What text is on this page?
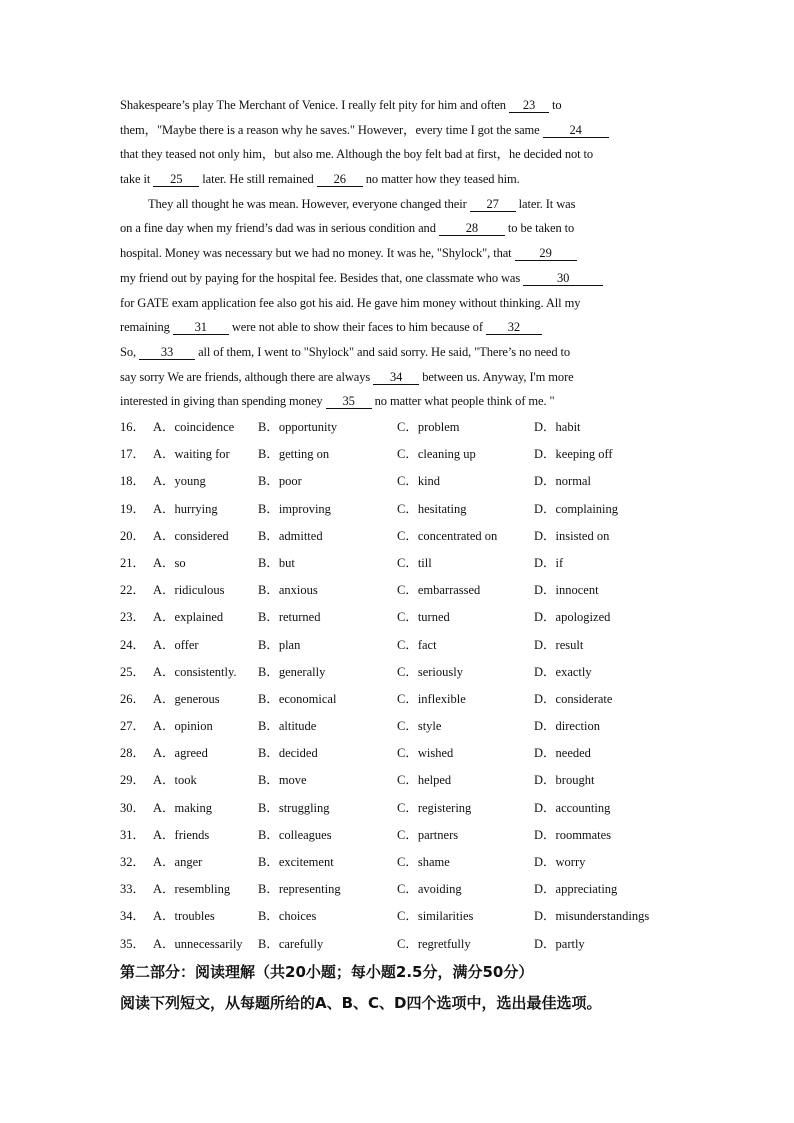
Shakespeare’s play The Merchant of Venice. I really felt pity for him and often 23 to
them，"Maybe there is a reason why he saves." However，every time I got the same 24
that they teased not only him，but also me. Although the boy felt bad at first，he decided not to
take it 25 later. He still remained 26 no matter how they teased him.
They all thought he was mean. However, everyone changed their 27 later. It was
on a fine day when my friend’s dad was in serious condition and 28 to be taken to
hospital. Money was necessary but we had no money. It was he, "Shylock", that 29
my friend out by paying for the hospital fee. Besides that, one classmate who was	30
for GATE exam application fee also got his aid. He gave him money without thinking. All my
remaining 31 were not able to show their faces to him because of 32
So, 33 all of them, I went to "Shylock" and said sorry. He said, "There’s no need to
say sorry We are friends, although there are always 34 between us. Anyway, I'm more
interested in giving than spending money 35 no matter what people think of me. "
16． A．coincidence B．opportunity	C．problem	D．habit
17． A．waiting for B．getting on	C．cleaning up	D．keeping off
18． A．young	B．poor	C．kind	D．normal
19． A．hurrying	B．improving	C．hesitating	D．complaining
20． A．considered B．admitted	C．concentrated on	D．insisted on
21． A．so	B．but	C．till	D．if
22． A．ridiculous	B．anxious	C．embarrassed	D．innocent
23． A．explained	B．returned	C．turned	D．apologized
24． A．offer	B．plan	C．fact	D．result
25． A．consistently. B．generally	C．seriously	D．exactly
26． A．generous	B．economical	C．inflexible	D．considerate
27． A．opinion	B．altitude	C．style	D．direction
28． A．agreed	B．decided	C．wished	D．needed
29． A．took	B．move	C．helped	D．brought
30． A．making	B．struggling	C．registering	D．accounting
31． A．friends	B．colleagues	C．partners	D．roommates
32． A．anger	B．excitement	C．shame	D．worry
33． A．resembling B．representing	C．avoiding	D．appreciating
34． A．troubles	B．choices	C．similarities	D．misunderstandings
35． A．unnecessarily B．carefully	C．regretfully	D．partly
第二部分：阅读理解（共20小题；每小题2.5分，满分50分）
阅读下列短文，从每题所给的A、B、C、D四个选项中，选出最佳选项。
